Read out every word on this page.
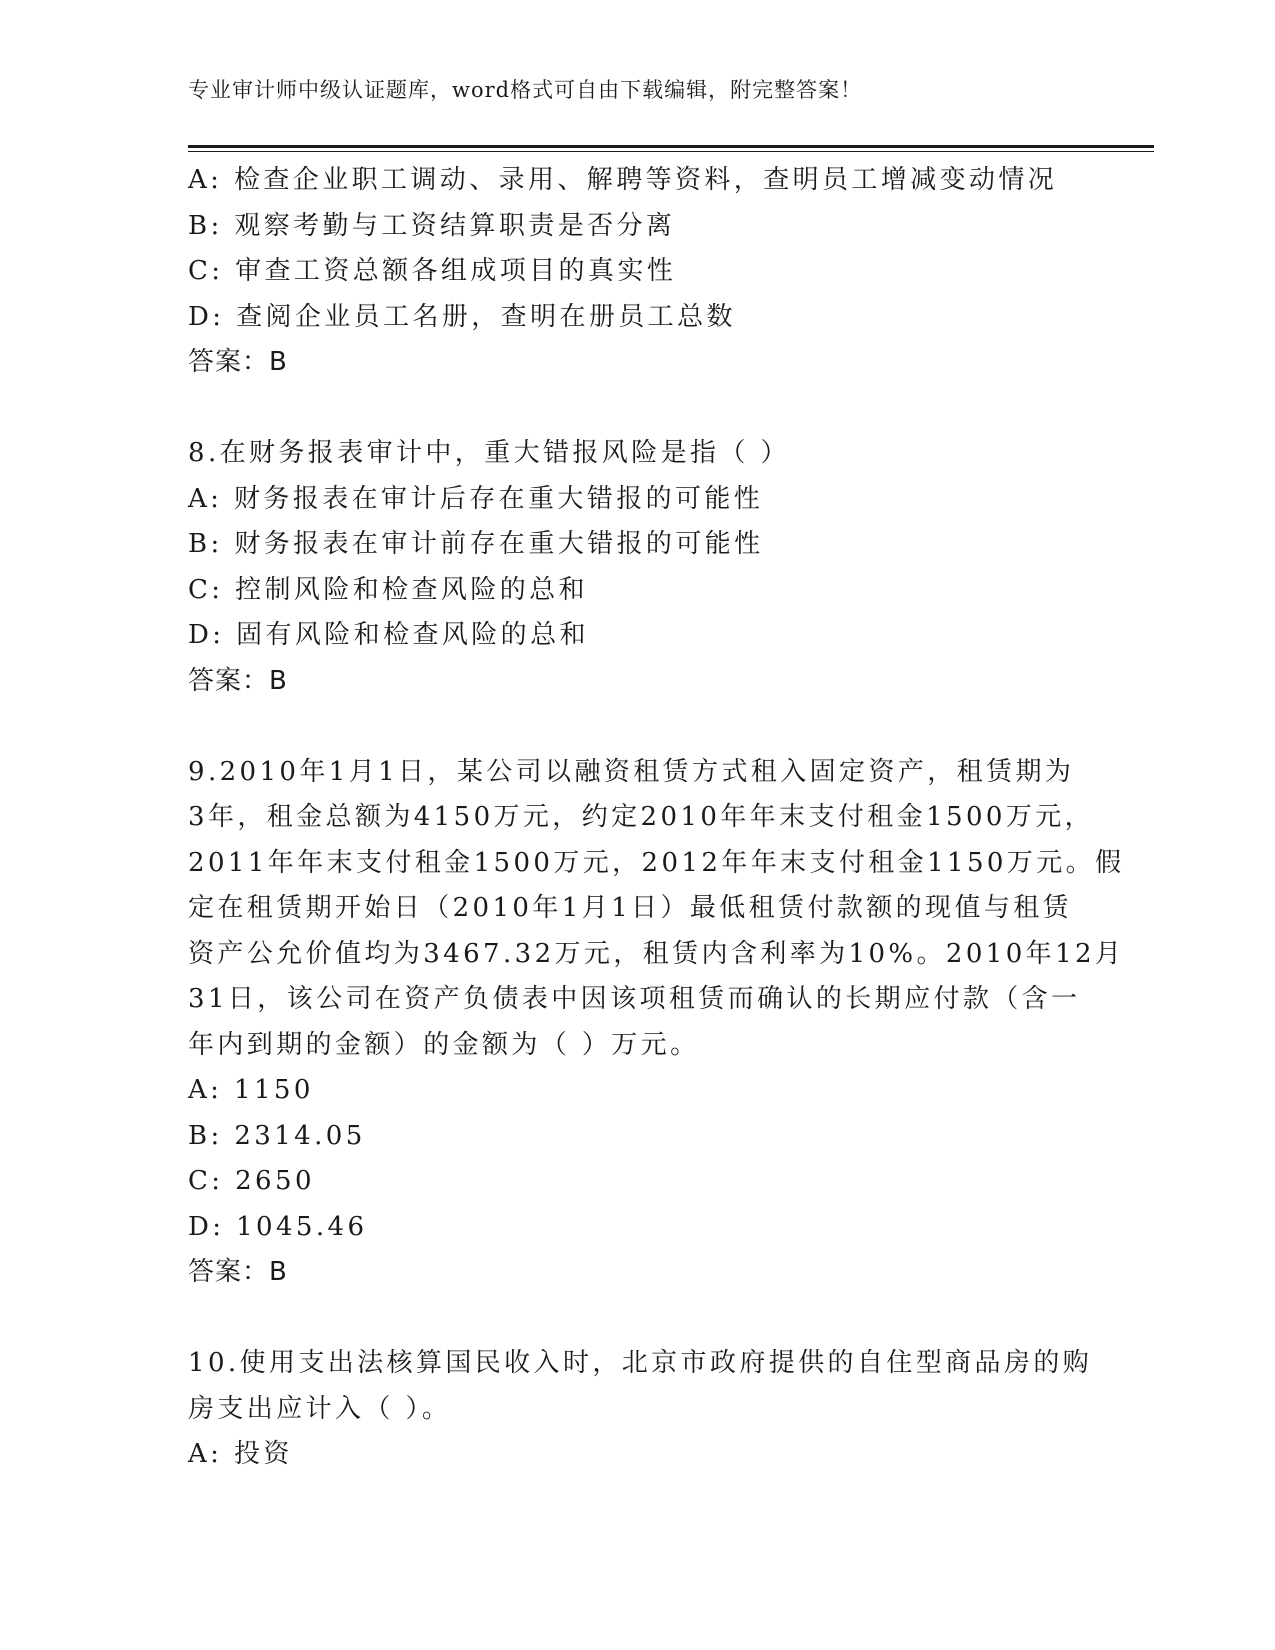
专业审计师中级认证题库，word格式可自由下载编辑，附完整答案！
A: 检查企业职工调动、录用、解聘等资料，查明员工增减变动情况
B: 观察考勤与工资结算职责是否分离
C: 审查工资总额各组成项目的真实性
D: 查阅企业员工名册，查明在册员工总数
答案：B
8.在财务报表审计中，重大错报风险是指（ ）
A: 财务报表在审计后存在重大错报的可能性
B: 财务报表在审计前存在重大错报的可能性
C: 控制风险和检查风险的总和
D: 固有风险和检查风险的总和
答案：B
9.2010年1月1日，某公司以融资租赁方式租入固定资产，租赁期为
3年，租金总额为4150万元，约定2010年年末支付租金1500万元，
2011年年末支付租金1500万元，2012年年末支付租金1150万元。假
定在租赁期开始日（2010年1月1日）最低租赁付款额的现值与租赁
资产公允价值均为3467.32万元，租赁内含利率为10%。2010年12月
31日，该公司在资产负债表中因该项租赁而确认的长期应付款（含一
年内到期的金额）的金额为（ ）万元。
A: 1150
B: 2314.05
C: 2650
D: 1045.46
答案：B
10.使用支出法核算国民收入时，北京市政府提供的自住型商品房的购
房支出应计入（ ）。
A: 投资
